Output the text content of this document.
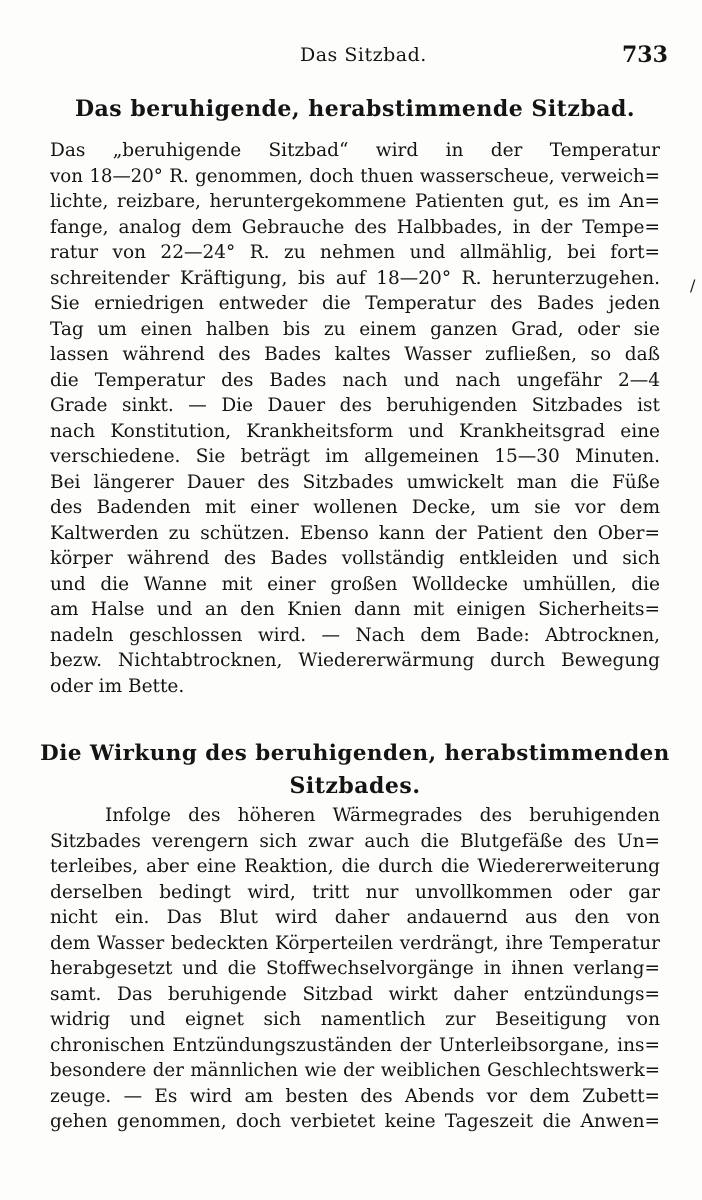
Das Sitzbad.	733
Das beruhigende, herabstimmende Sitzbad.
Das „beruhigende Sitzbad“ wird in der Temperatur
von 18—20° R. genommen, doch thuen wasserscheue, verweich=
lichte, reizbare, heruntergekommene Patienten gut, es im An=
fange, analog dem Gebrauche des Halbbades, in der Tempe=
ratur von 22—24° R. zu nehmen und allmählig, bei fort=
schreitender Kräftigung, bis auf 18—20° R. herunterzugehen.
Sie erniedrigen entweder die Temperatur des Bades jeden
Tag um einen halben bis zu einem ganzen Grad, oder sie
lassen während des Bades kaltes Wasser zufließen, so daß
die Temperatur des Bades nach und nach ungefähr 2—4
Grade sinkt. — Die Dauer des beruhigenden Sitzbades ist
nach Konstitution, Krankheitsform und Krankheitsgrad eine
verschiedene. Sie beträgt im allgemeinen 15—30 Minuten.
Bei längerer Dauer des Sitzbades umwickelt man die Füße
des Badenden mit einer wollenen Decke, um sie vor dem
Kaltwerden zu schützen. Ebenso kann der Patient den Ober=
körper während des Bades vollständig entkleiden und sich
und die Wanne mit einer großen Wolldecke umhüllen, die
am Halse und an den Knien dann mit einigen Sicherheits=
nadeln geschlossen wird. — Nach dem Bade: Abtrocknen,
bezw. Nichtabtrocknen, Wiedererwärmung durch Bewegung
oder im Bette.
/
Die Wirkung des beruhigenden, herabstimmenden
Sitzbades.
Infolge des höheren Wärmegrades des beruhigenden
Sitzbades verengern sich zwar auch die Blutgefäße des Un=
terleibes, aber eine Reaktion, die durch die Wiedererweiterung
derselben bedingt wird, tritt nur unvollkommen oder gar
nicht ein. Das Blut wird daher andauernd aus den von
dem Wasser bedeckten Körperteilen verdrängt, ihre Temperatur
herabgesetzt und die Stoffwechselvorgänge in ihnen verlang=
samt. Das beruhigende Sitzbad wirkt daher entzündungs=
widrig und eignet sich namentlich zur Beseitigung von
chronischen Entzündungszuständen der Unterleibsorgane, ins=
besondere der männlichen wie der weiblichen Geschlechtswerk=
zeuge. — Es wird am besten des Abends vor dem Zubett=
gehen genommen, doch verbietet keine Tageszeit die Anwen=
